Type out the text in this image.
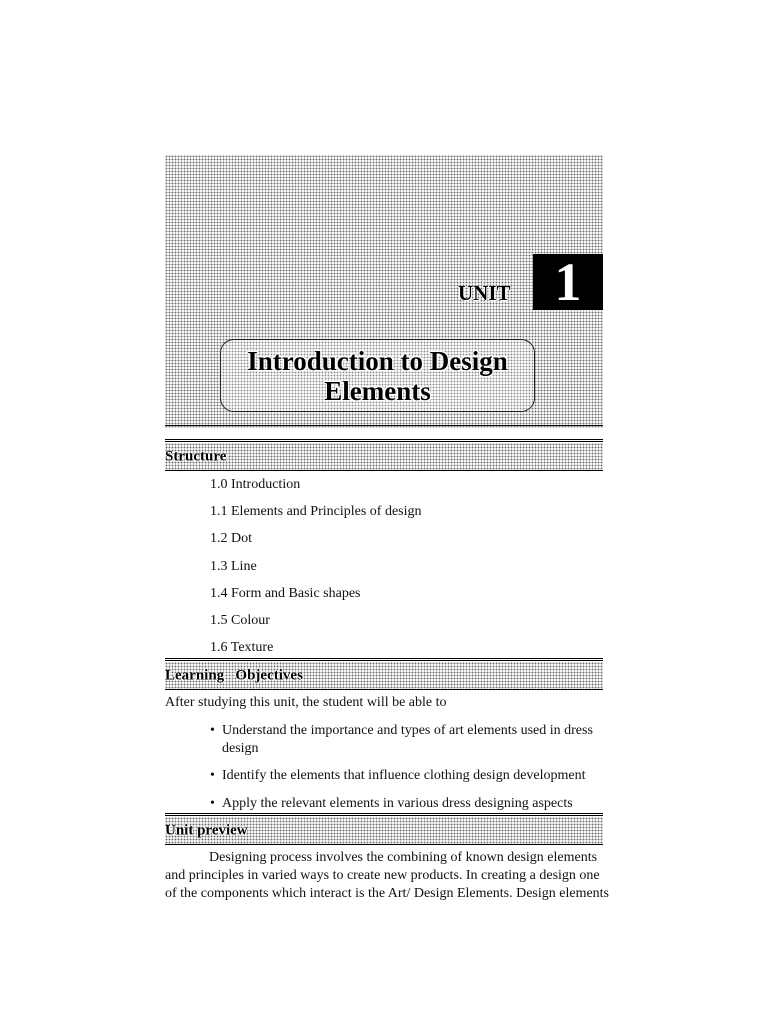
UNIT 1
Introduction to Design
Elements
Structure
1.0 Introduction
1.1 Elements and Principles of design
1.2 Dot
1.3 Line
1.4 Form and Basic shapes
1.5 Colour
1.6 Texture
Learning   Objectives
After studying this unit, the student will be able to
• Understand the importance and types of art elements used in dress
design
• Identify the elements that influence clothing design development
• Apply the relevant elements in various dress designing aspects
Unit preview
Designing process involves the combining of known design elements
and principles in varied ways to create new products. In creating a design one
of the components which interact is the Art/ Design Elements. Design elements
